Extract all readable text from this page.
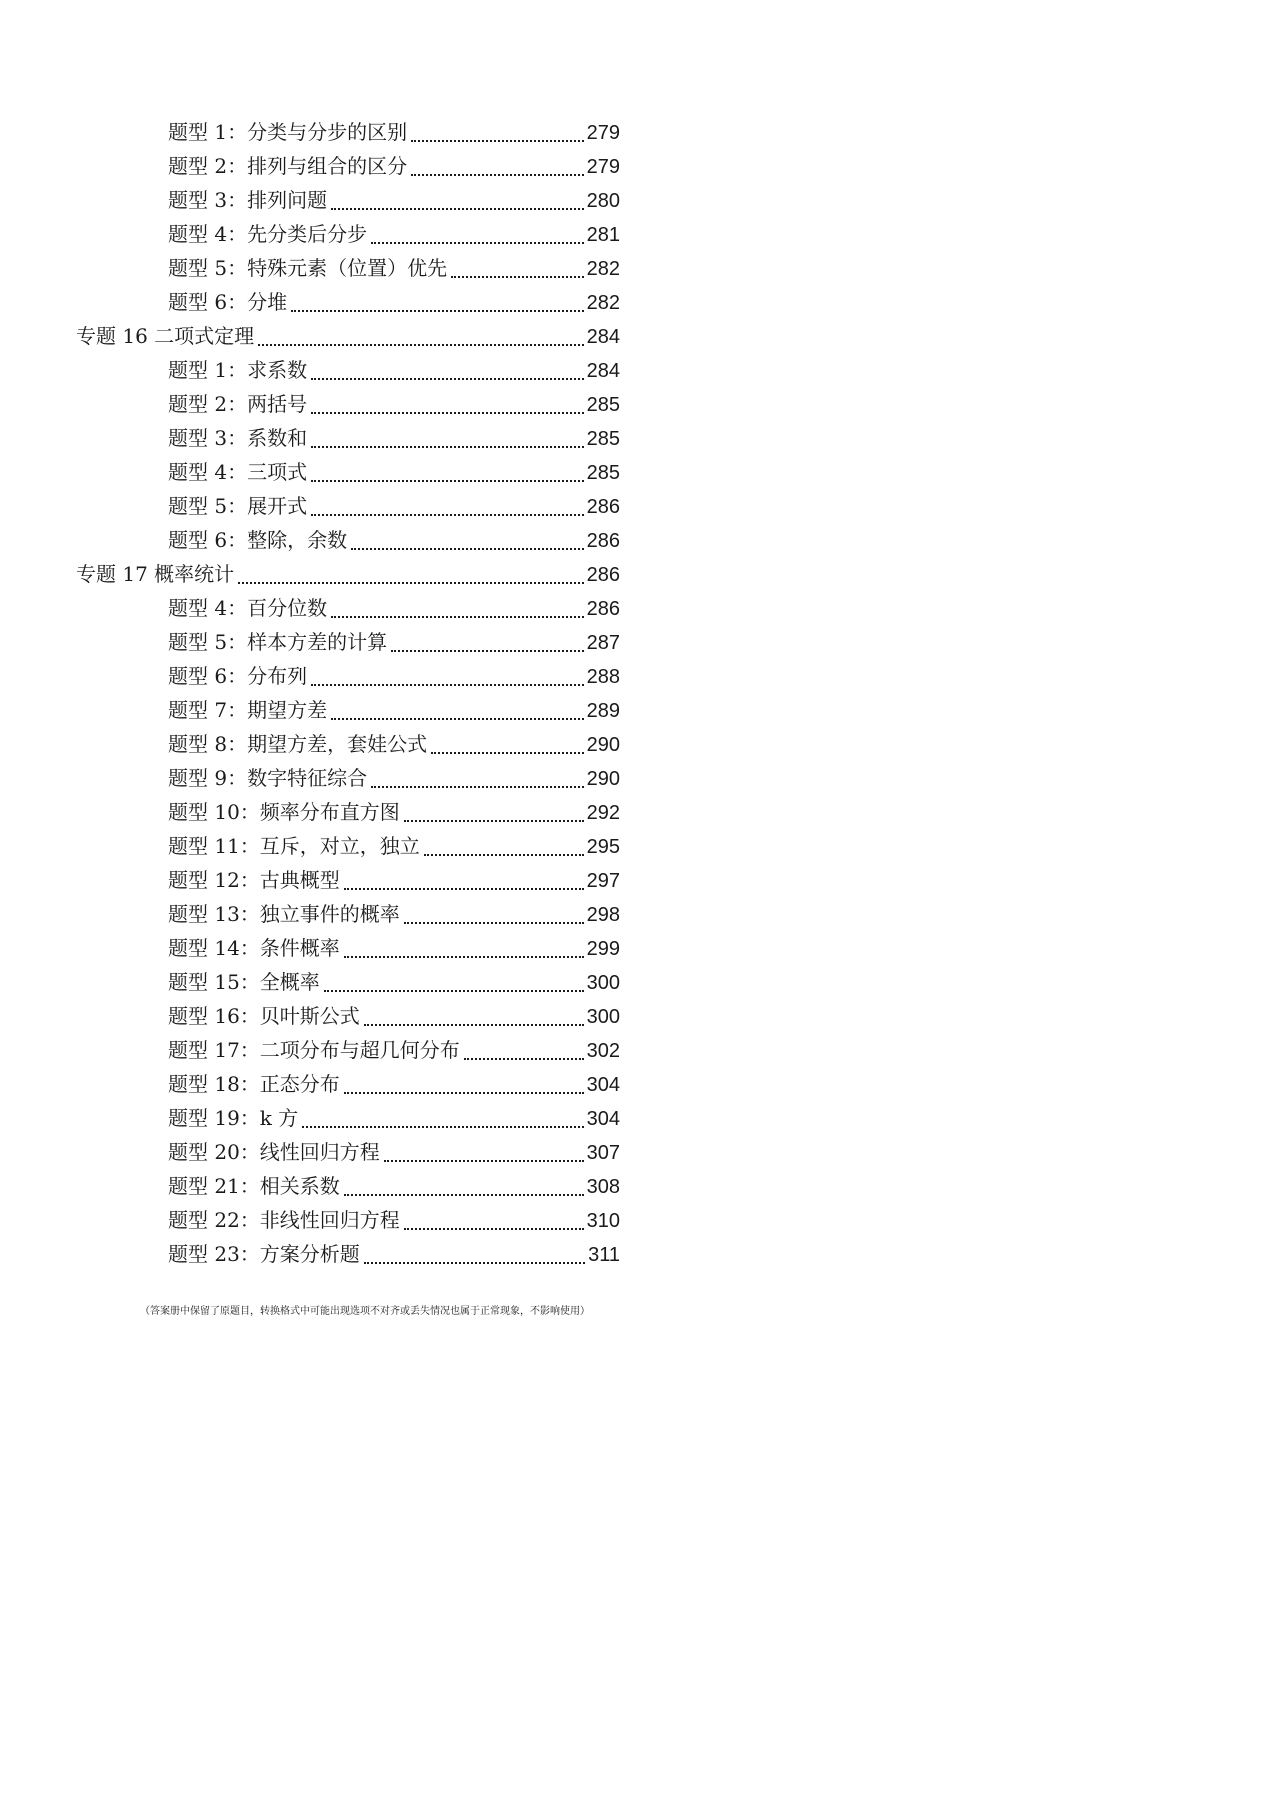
题型 1：分类与分步的区别	279
题型 2：排列与组合的区分	279
题型 3：排列问题	280
题型 4：先分类后分步	281
题型 5：特殊元素（位置）优先	282
题型 6：分堆	282
专题 16 二项式定理	284
题型 1：求系数	284
题型 2：两括号	285
题型 3：系数和	285
题型 4：三项式	285
题型 5：展开式	286
题型 6：整除，余数	286
专题 17 概率统计	286
题型 4：百分位数	286
题型 5：样本方差的计算	287
题型 6：分布列	288
题型 7：期望方差	289
题型 8：期望方差，套娃公式	290
题型 9：数字特征综合	290
题型 10：频率分布直方图	292
题型 11：互斥，对立，独立	295
题型 12：古典概型	297
题型 13：独立事件的概率	298
题型 14：条件概率	299
题型 15：全概率	300
题型 16：贝叶斯公式	300
题型 17：二项分布与超几何分布	302
题型 18：正态分布	304
题型 19：k 方	304
题型 20：线性回归方程	307
题型 21：相关系数	308
题型 22：非线性回归方程	310
题型 23：方案分析题	311
（答案册中保留了原题目，转换格式中可能出现选项不对齐或丢失情况也属于正常现象，不影响使用）
